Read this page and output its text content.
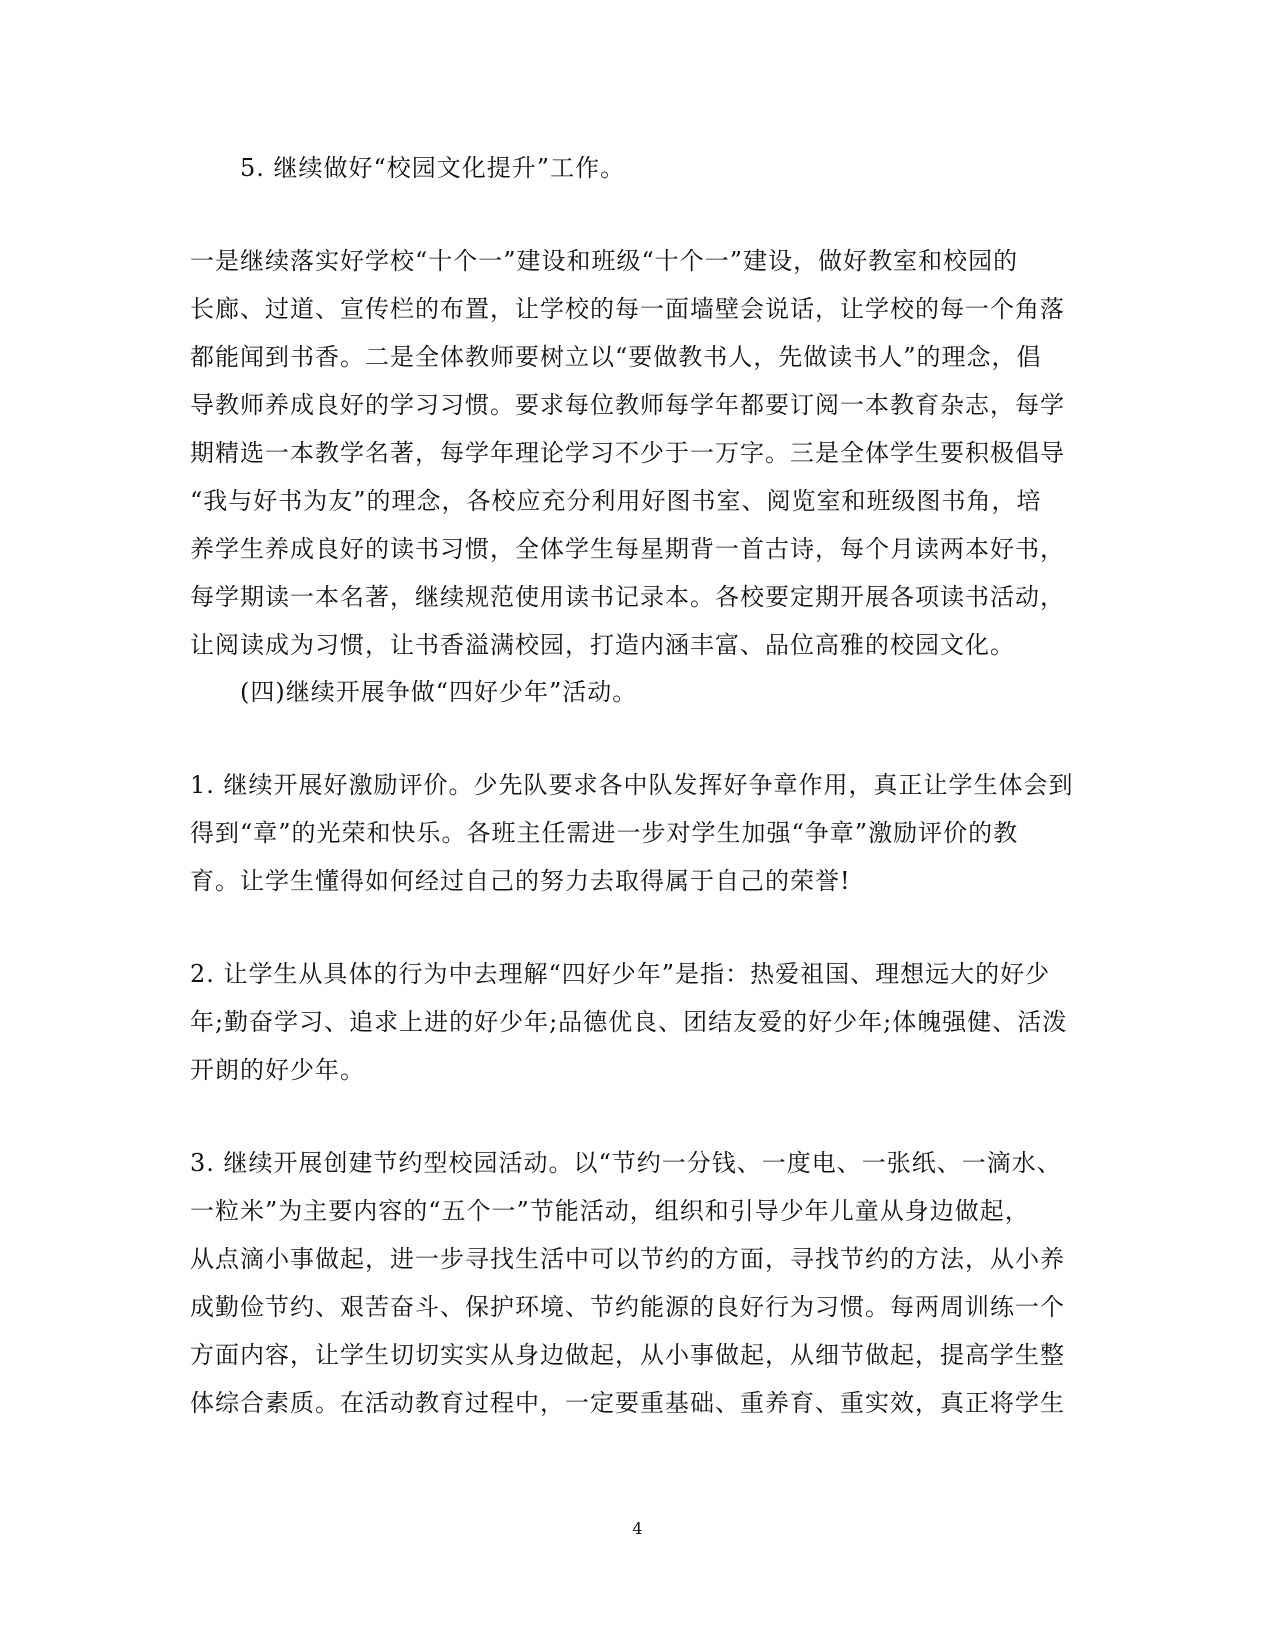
5. 继续做好“校园文化提升”工作。
一是继续落实好学校“十个一”建设和班级“十个一”建设，做好教室和校园的
长廊、过道、宣传栏的布置，让学校的每一面墙壁会说话，让学校的每一个角落
都能闻到书香。二是全体教师要树立以“要做教书人，先做读书人”的理念，倡
导教师养成良好的学习习惯。要求每位教师每学年都要订阅一本教育杂志，每学
期精选一本教学名著，每学年理论学习不少于一万字。三是全体学生要积极倡导
“我与好书为友”的理念，各校应充分利用好图书室、阅览室和班级图书角，培
养学生养成良好的读书习惯，全体学生每星期背一首古诗，每个月读两本好书，
每学期读一本名著，继续规范使用读书记录本。各校要定期开展各项读书活动，
让阅读成为习惯，让书香溢满校园，打造内涵丰富、品位高雅的校园文化。
(四)继续开展争做“四好少年”活动。
1. 继续开展好激励评价。少先队要求各中队发挥好争章作用，真正让学生体会到
得到“章”的光荣和快乐。各班主任需进一步对学生加强“争章”激励评价的教
育。让学生懂得如何经过自己的努力去取得属于自己的荣誉!
2. 让学生从具体的行为中去理解“四好少年”是指：热爱祖国、理想远大的好少
年;勤奋学习、追求上进的好少年;品德优良、团结友爱的好少年;体魄强健、活泼
开朗的好少年。
3. 继续开展创建节约型校园活动。以“节约一分钱、一度电、一张纸、一滴水、
一粒米”为主要内容的“五个一”节能活动，组织和引导少年儿童从身边做起，
从点滴小事做起，进一步寻找生活中可以节约的方面，寻找节约的方法，从小养
成勤俭节约、艰苦奋斗、保护环境、节约能源的良好行为习惯。每两周训练一个
方面内容，让学生切切实实从身边做起，从小事做起，从细节做起，提高学生整
体综合素质。在活动教育过程中，一定要重基础、重养育、重实效，真正将学生
4
